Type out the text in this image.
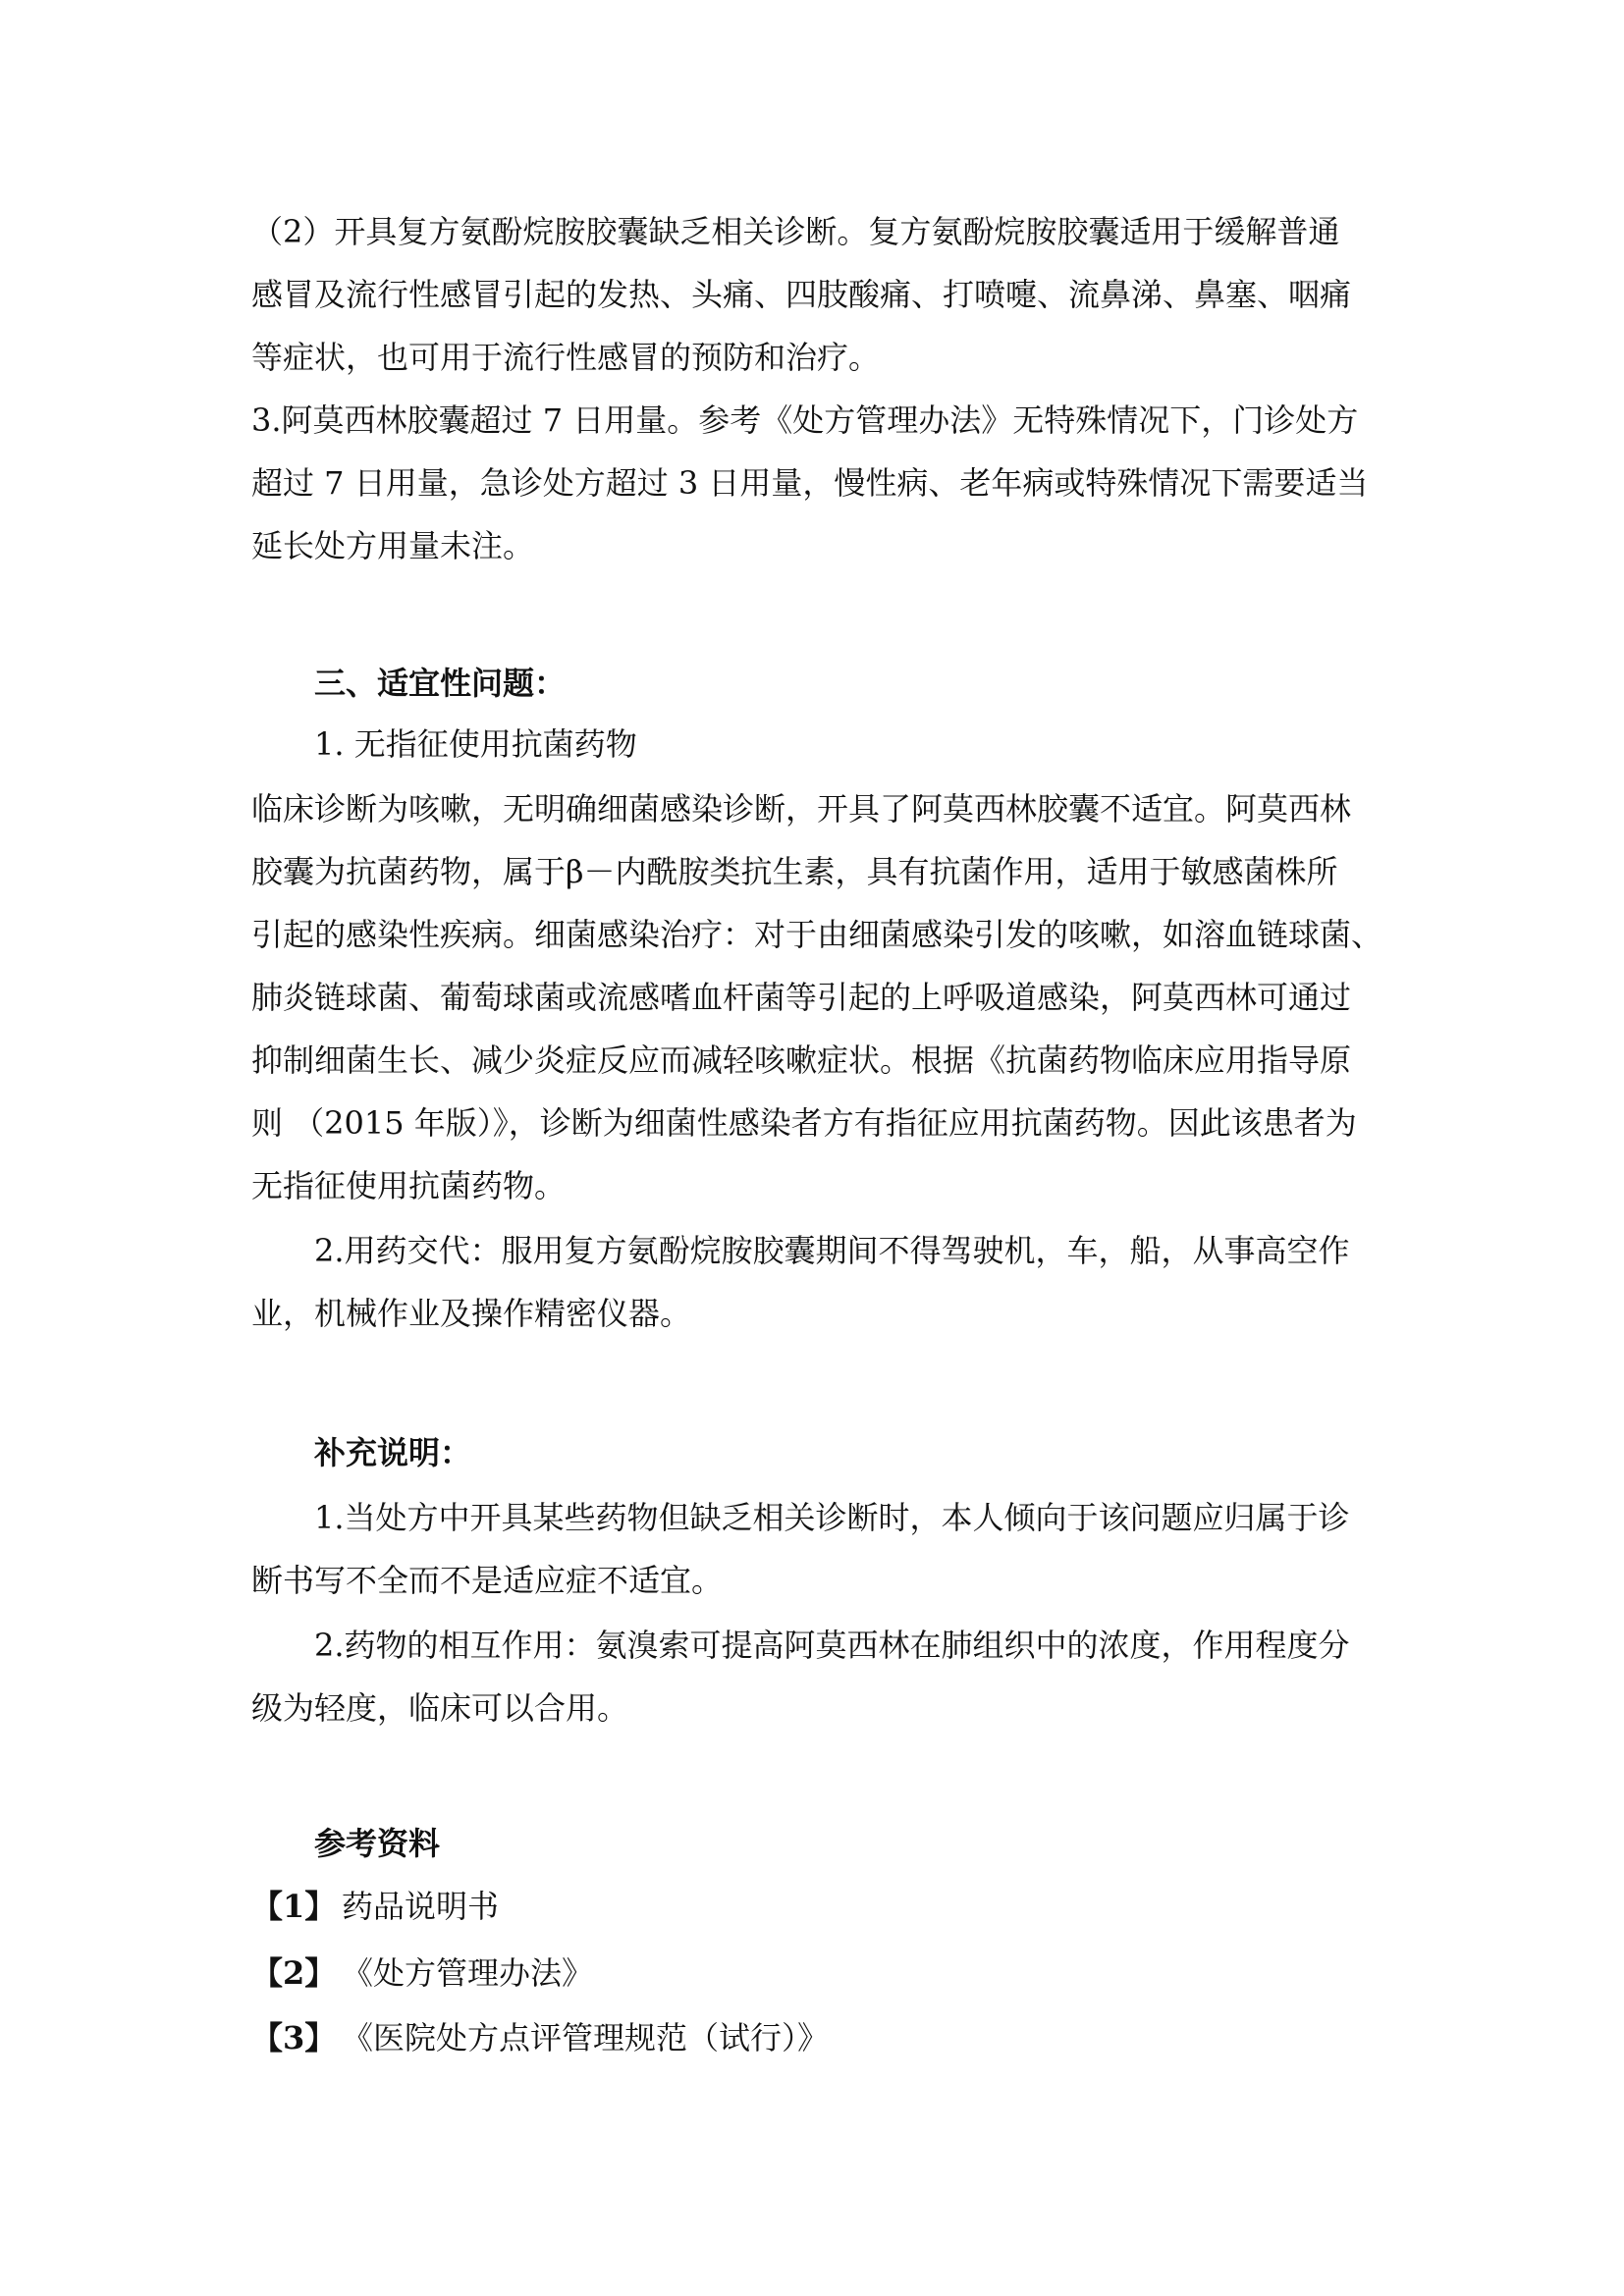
（2）开具复方氨酚烷胺胶囊缺乏相关诊断。复方氨酚烷胺胶囊适用于缓解普通
感冒及流行性感冒引起的发热、头痛、四肢酸痛、打喷嚏、流鼻涕、鼻塞、咽痛
等症状，也可用于流行性感冒的预防和治疗。
3.阿莫西林胶囊超过 7 日用量。参考《处方管理办法》无特殊情况下，门诊处方
超过 7 日用量，急诊处方超过 3 日用量，慢性病、老年病或特殊情况下需要适当
延长处方用量未注。
三、适宜性问题：
1. 无指征使用抗菌药物
临床诊断为咳嗽，无明确细菌感染诊断，开具了阿莫西林胶囊不适宜。阿莫西林
胶囊为抗菌药物，属于β－内酰胺类抗生素，具有抗菌作用，适用于敏感菌株所
引起的感染性疾病。细菌感染治疗：对于由细菌感染引发的咳嗽，如溶血链球菌、
肺炎链球菌、葡萄球菌或流感嗜血杆菌等引起的上呼吸道感染，阿莫西林可通过
抑制细菌生长、减少炎症反应而减轻咳嗽症状。根据《抗菌药物临床应用指导原
则 （2015 年版）》，诊断为细菌性感染者方有指征应用抗菌药物。因此该患者为
无指征使用抗菌药物。
2.用药交代：服用复方氨酚烷胺胶囊期间不得驾驶机，车，船，从事高空作
业，机械作业及操作精密仪器。
补充说明：
1.当处方中开具某些药物但缺乏相关诊断时，本人倾向于该问题应归属于诊
断书写不全而不是适应症不适宜。
2.药物的相互作用：氨溴索可提高阿莫西林在肺组织中的浓度，作用程度分
级为轻度，临床可以合用。
参考资料
【1】 药品说明书
【2】 《处方管理办法》
【3】 《医院处方点评管理规范（试行）》
